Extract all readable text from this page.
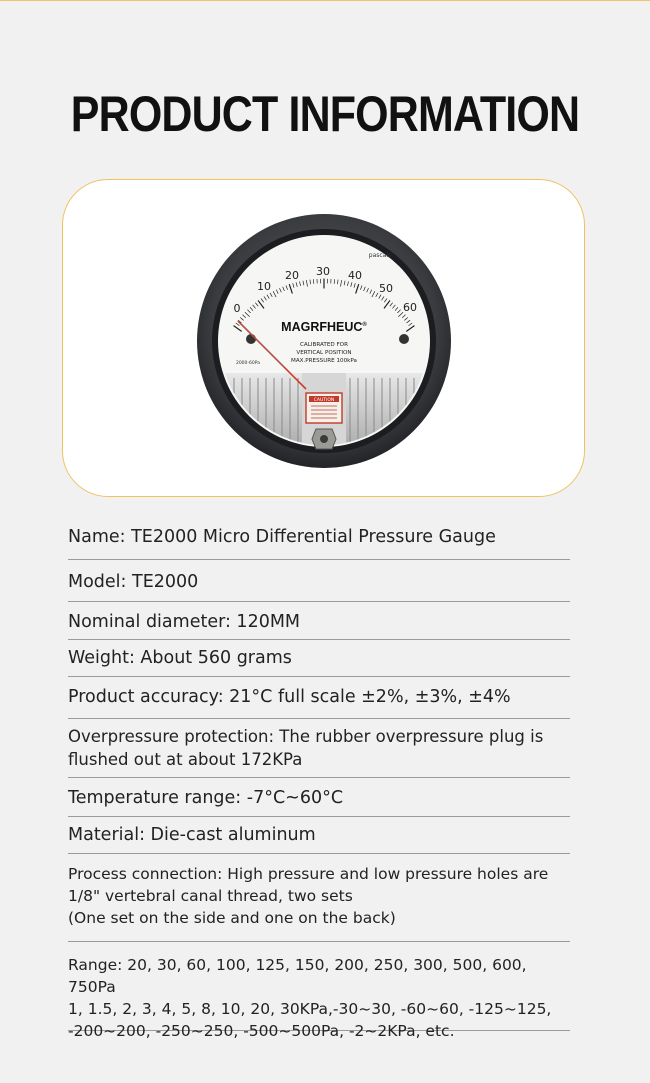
PRODUCT INFORMATION
0
10
20 30 40
50
60
pascals
MAGRFHEUC®
CALIBRATED FOR
VERTICAL POSITION
MAX.PRESSURE 100kPa
2000-60Pa
CAUTION
Name: TE2000 Micro Differential Pressure Gauge
Model: TE2000
Nominal diameter: 120MM
Weight: About 560 grams
Product accuracy: 21°C full scale ±2%, ±3%, ±4%
Overpressure protection: The rubber overpressure plug is
flushed out at about 172KPa
Temperature range: -7°C~60°C
Material: Die-cast aluminum
Process connection: High pressure and low pressure holes are
1/8" vertebral canal thread, two sets
(One set on the side and one on the back)
Range: 20, 30, 60, 100, 125, 150, 200, 250, 300, 500, 600, 750Pa
1, 1.5, 2, 3, 4, 5, 8, 10, 20, 30KPa,-30~30, -60~60, -125~125,
-200~200, -250~250, -500~500Pa, -2~2KPa, etc.
